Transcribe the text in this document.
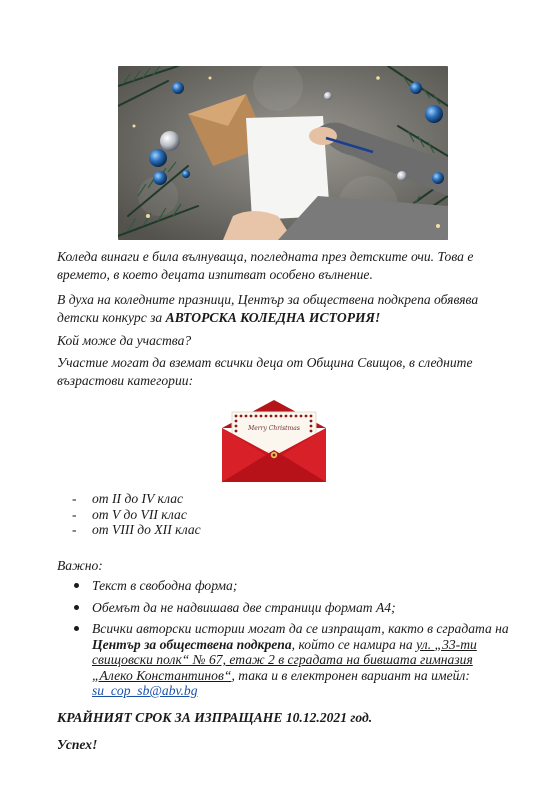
Коледа винаги е била вълнуваща, погледната през детските очи. Това е времето, в което децата изпитват особено вълнение.

В духа на коледните празници, Център за обществена подкрепа обявява детски конкурс за АВТОРСКА КОЛЕДНА ИСТОРИЯ!

Кой може да участва?

Участие могат да вземат всички деца от Община Свищов, в следните възрастови категории:

Merry Christmas
- от II до IV клас
- от V до VII клас
- от VIII до XII клас

Важно:

Текст в свободна форма;
Обемът да не надвишава две страници формат А4;
Всички авторски истории могат да се изпращат, както в сградата на Център за обществена подкрепа, който се намира на ул. „33-ти свищовски полк“ № 67, етаж 2 в сградата на бившата гимназия „Алеко Константинов“, така и в електронен вариант на имейл: su_cop_sb@abv.bg

КРАЙНИЯТ СРОК ЗА ИЗПРАЩАНЕ 10.12.2021 год.

Успех!
